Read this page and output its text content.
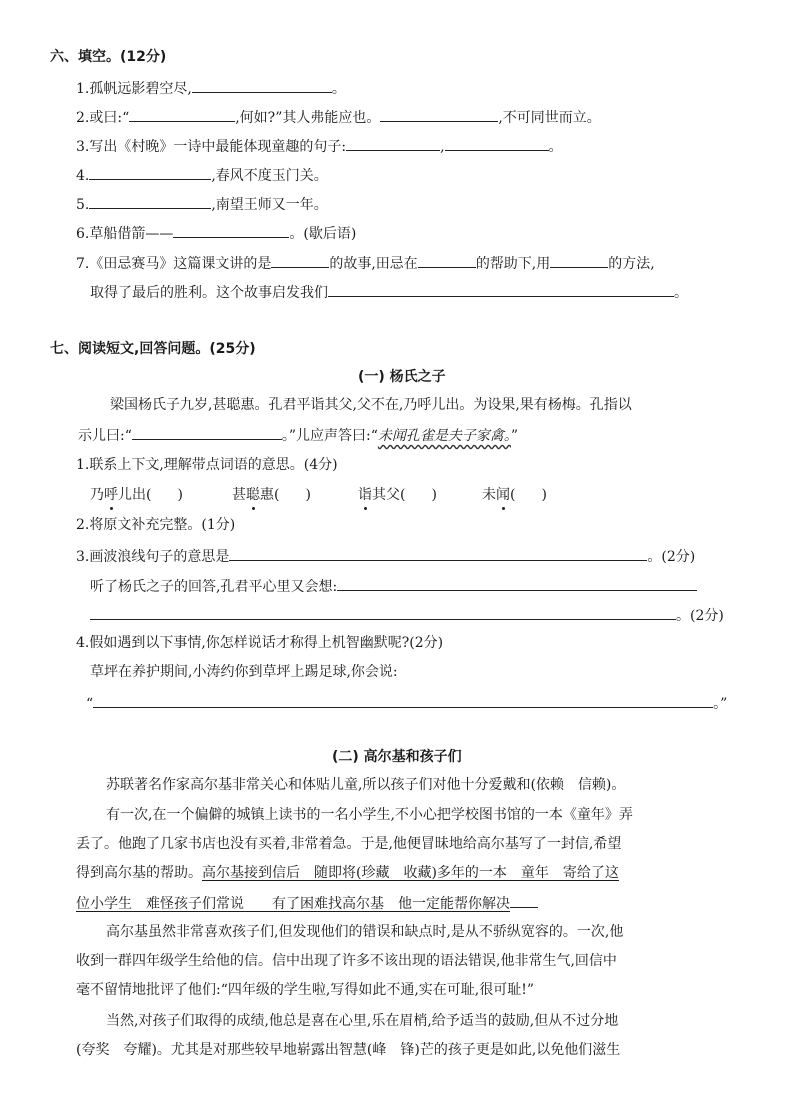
六、填空。(12分)
1.孤帆远影碧空尽,	。
2.或曰:“	,何如?”其人弗能应也。	,不可同世而立。
3.写出《村晚》一诗中最能体现童趣的句子:	,	。
4.	,春风不度玉门关。
5.	,南望王师又一年。
6.草船借箭——	。(歇后语)
7.《田忌赛马》这篇课文讲的是	的故事,田忌在	的帮助下,用	的方法,
取得了最后的胜利。这个故事启发我们	。
七、阅读短文,回答问题。(25分)
(一) 杨氏之子
梁国杨氏子九岁,甚聪惠。孔君平诣其父,父不在,乃呼儿出。为设果,果有杨梅。孔指以
示儿曰:“	。”儿应声答曰:“未闻孔雀是夫子家禽。”
1.联系上下文,理解带点词语的意思。(4分)
乃呼儿出( )	甚聪惠( )	诣其父( )	未闻( )
2.将原文补充完整。(1分)
3.画波浪线句子的意思是	。(2分)
听了杨氏之子的回答,孔君平心里又会想:
。(2分)
4.假如遇到以下事情,你怎样说话才称得上机智幽默呢?(2分)
草坪在养护期间,小涛约你到草坪上踢足球,你会说:
“	。”
(二) 高尔基和孩子们
苏联著名作家高尔基非常关心和体贴儿童,所以孩子们对他十分爱戴和(依赖　信赖)。
有一次,在一个偏僻的城镇上读书的一名小学生,不小心把学校图书馆的一本《童年》弄
丢了。他跑了几家书店也没有买着,非常着急。于是,他便冒昧地给高尔基写了一封信,希望
得到高尔基的帮助。高尔基接到信后　随即将(珍藏　收藏)多年的一本　童年　寄给了这
位小学生　难怪孩子们常说　　有了困难找高尔基　他一定能帮你解决
高尔基虽然非常喜欢孩子们,但发现他们的错误和缺点时,是从不骄纵宽容的。一次,他
收到一群四年级学生给他的信。信中出现了许多不该出现的语法错误,他非常生气,回信中
毫不留情地批评了他们:“四年级的学生啦,写得如此不通,实在可耻,很可耻!”
当然,对孩子们取得的成绩,他总是喜在心里,乐在眉梢,给予适当的鼓励,但从不过分地
(夸奖　夸耀)。尤其是对那些较早地崭露出智慧(峰　锋)芒的孩子更是如此,以免他们滋生
